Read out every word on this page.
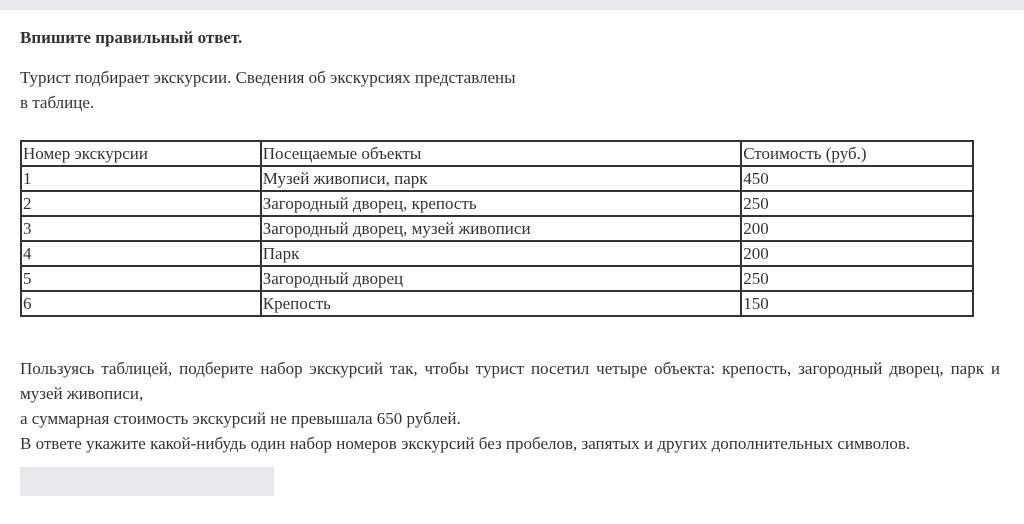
Впишите правильный ответ.
Турист подбирает экскурсии. Сведения об экскурсиях представлены
в таблице.
Номер экскурсии	Посещаемые объекты	Стоимость (руб.)
1	Музей живописи, парк	450
2	Загородный дворец, крепость	250
3	Загородный дворец, музей живописи	200
4	Парк	200
5	Загородный дворец	250
6	Крепость	150

Пользуясь таблицей, подберите набор экскурсий так, чтобы турист посетил четыре объекта: крепость, загородный дворец, парк и музей живописи,

а суммарная стоимость экскурсий не превышала 650 рублей.

В ответе укажите какой-нибудь один набор номеров экскурсий без пробелов, запятых и других дополнительных символов.
